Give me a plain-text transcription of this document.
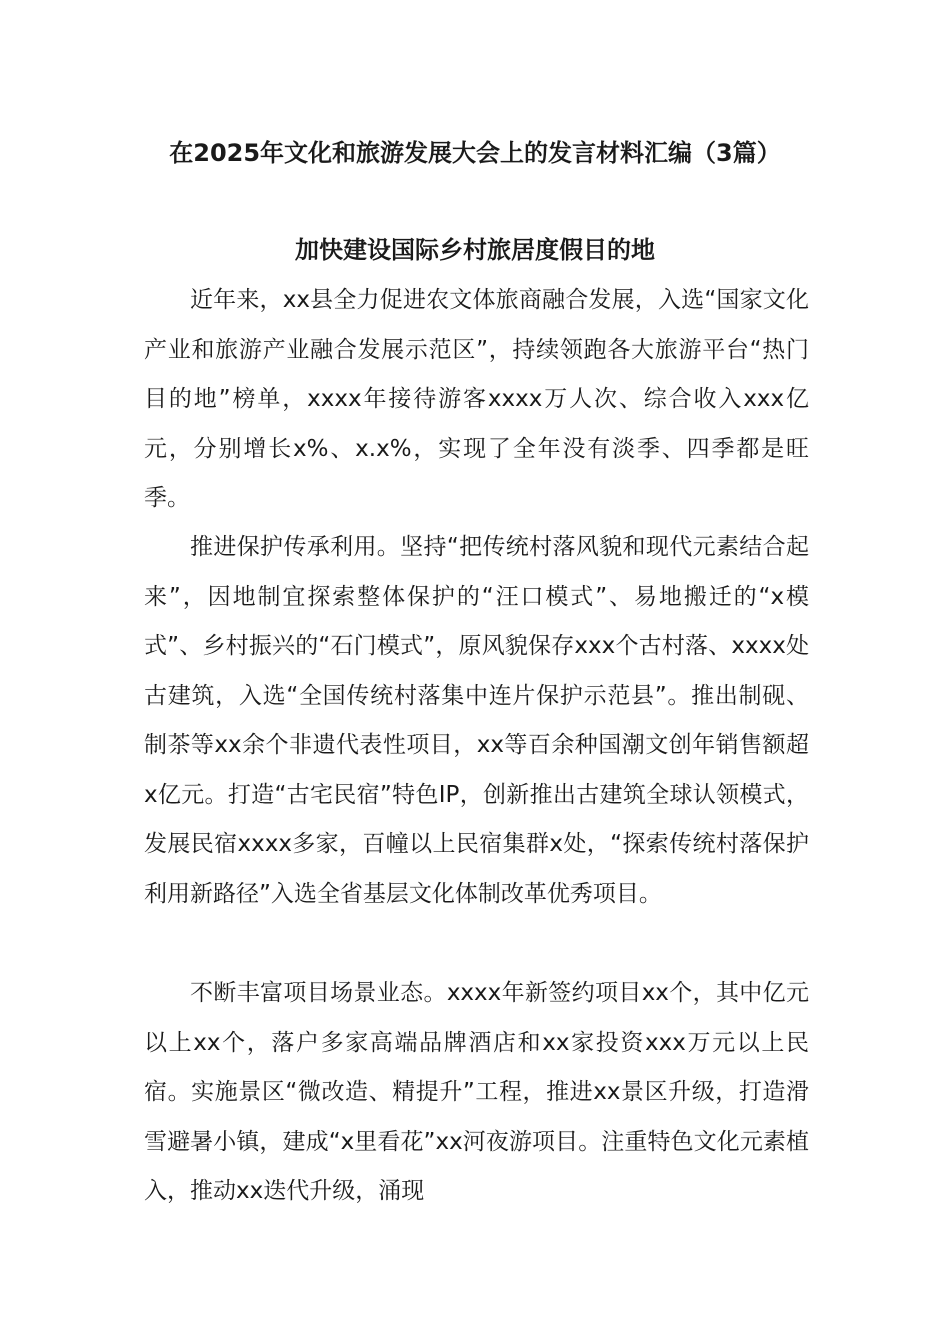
在2025年文化和旅游发展大会上的发言材料汇编（3篇）
加快建设国际乡村旅居度假目的地

近年来，xx县全力促进农文体旅商融合发展，入选“国家文化产业和旅游产业融合发展示范区”，持续领跑各大旅游平台“热门目的地”榜单，xxxx年接待游客xxxx万人次、综合收入xxx亿元，分别增长x%、x.x%，实现了全年没有淡季、四季都是旺季。

推进保护传承利用。坚持“把传统村落风貌和现代元素结合起来”，因地制宜探索整体保护的“汪口模式”、易地搬迁的“x模式”、乡村振兴的“石门模式”，原风貌保存xxx个古村落、xxxx处古建筑，入选“全国传统村落集中连片保护示范县”。推出制砚、制茶等xx余个非遗代表性项目，xx等百余种国潮文创年销售额超x亿元。打造“古宅民宿”特色IP，创新推出古建筑全球认领模式，发展民宿xxxx多家，百幢以上民宿集群x处，“探索传统村落保护利用新路径”入选全省基层文化体制改革优秀项目。

不断丰富项目场景业态。xxxx年新签约项目xx个，其中亿元以上xx个，落户多家高端品牌酒店和xx家投资xxx万元以上民宿。实施景区“微改造、精提升”工程，推进xx景区升级，打造滑雪避暑小镇，建成“x里看花”xx河夜游项目。注重特色文化元素植入，推动xx迭代升级，涌现
